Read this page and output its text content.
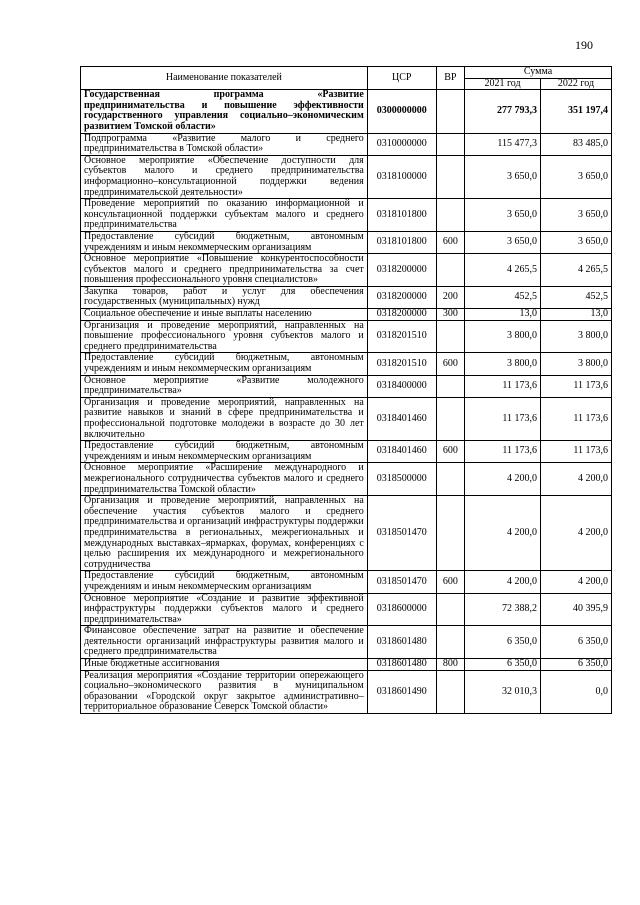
190
Наименование показателей	ЦСР	ВР	Сумма	
			2021 год	2022 год
Государственная программа «Развитие предпринимательства и повышение эффективности государственного управления социально–экономическим развитием Томской области»	0300000000		277 793,3	351 197,4
Подпрограмма «Развитие малого и среднего предпринимательства в Томской области»	0310000000		115 477,3	83 485,0
Основное мероприятие «Обеспечение доступности для субъектов малого и среднего предпринимательства информационно–консультационной поддержки ведения предпринимательской деятельности»	0318100000		3 650,0	3 650,0
Проведение мероприятий по оказанию информационной и консультационной поддержки субъектам малого и среднего предпринимательства	0318101800		3 650,0	3 650,0
Предоставление субсидий бюджетным, автономным учреждениям и иным некоммерческим организациям	0318101800	600	3 650,0	3 650,0
Основное мероприятие «Повышение конкурентоспособности субъектов малого и среднего предпринимательства за счет повышения профессионального уровня специалистов»	0318200000		4 265,5	4 265,5
Закупка товаров, работ и услуг для обеспечения государственных (муниципальных) нужд	0318200000	200	452,5	452,5
Социальное обеспечение и иные выплаты населению	0318200000	300	13,0	13,0
Организация и проведение мероприятий, направленных на повышение профессионального уровня субъектов малого и среднего предпринимательства	0318201510		3 800,0	3 800,0
Предоставление субсидий бюджетным, автономным учреждениям и иным некоммерческим организациям	0318201510	600	3 800,0	3 800,0
Основное мероприятие «Развитие молодежного предпринимательства»	0318400000		11 173,6	11 173,6
Организация и проведение мероприятий, направленных на развитие навыков и знаний в сфере предпринимательства и профессиональной подготовке молодежи в возрасте до 30 лет включительно	0318401460		11 173,6	11 173,6
Предоставление субсидий бюджетным, автономным учреждениям и иным некоммерческим организациям	0318401460	600	11 173,6	11 173,6
Основное мероприятие «Расширение международного и межрегионального сотрудничества субъектов малого и среднего предпринимательства Томской области»	0318500000		4 200,0	4 200,0
Организация и проведение мероприятий, направленных на обеспечение участия субъектов малого и среднего предпринимательства и организаций инфраструктуры поддержки предпринимательства в региональных, межрегиональных и международных выставках–ярмарках, форумах, конференциях с целью расширения их международного и межрегионального сотрудничества	0318501470		4 200,0	4 200,0
Предоставление субсидий бюджетным, автономным учреждениям и иным некоммерческим организациям	0318501470	600	4 200,0	4 200,0
Основное мероприятие «Создание и развитие эффективной инфраструктуры поддержки субъектов малого и среднего предпринимательства»	0318600000		72 388,2	40 395,9
Финансовое обеспечение затрат на развитие и обеспечение деятельности организаций инфраструктуры развития малого и среднего предпринимательства	0318601480		6 350,0	6 350,0
Иные бюджетные ассигнования	0318601480	800	6 350,0	6 350,0
Реализация мероприятия «Создание территории опережающего социально–экономического развития в муниципальном образовании «Городской округ закрытое административно–территориальное образование Северск Томской области»	0318601490		32 010,3	0,0
